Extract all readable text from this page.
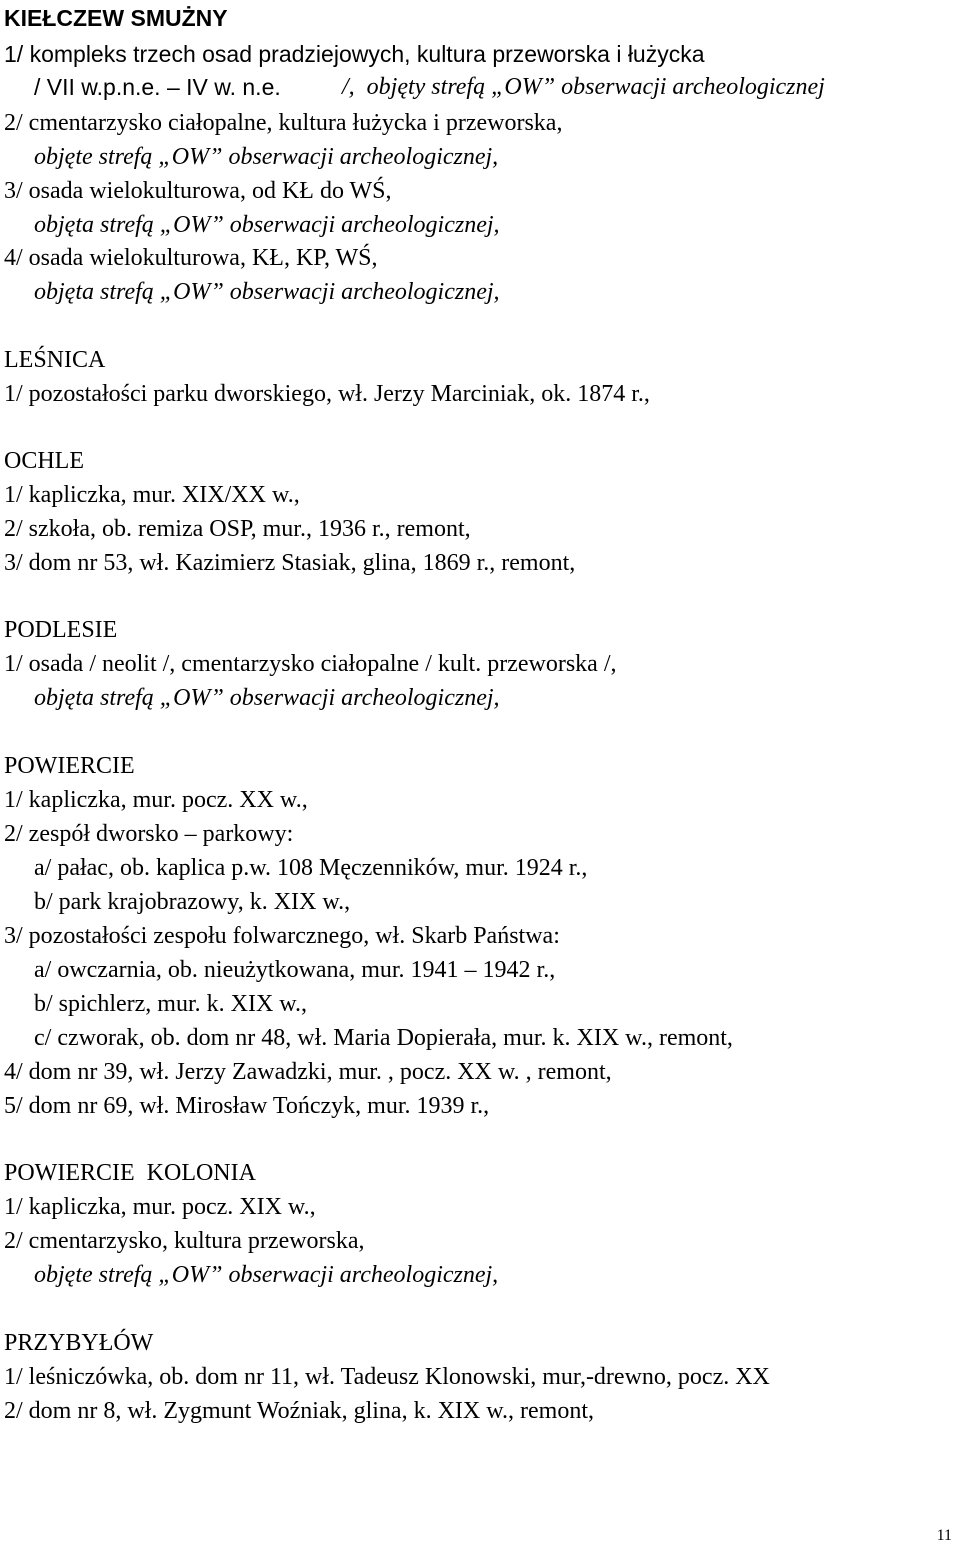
KIEŁCZEW SMUŻNY
1/ kompleks trzech osad pradziejowych, kultura przeworska i łużycka
/ VII w.p.n.e. – IV w. n.e. /,  objęty strefą „OW” obserwacji archeologicznej
2/ cmentarzysko ciałopalne, kultura łużycka i przeworska,
objęte strefą „OW” obserwacji archeologicznej,
3/ osada wielokulturowa, od KŁ do WŚ,
objęta strefą „OW” obserwacji archeologicznej,
4/ osada wielokulturowa, KŁ, KP, WŚ,
objęta strefą „OW” obserwacji archeologicznej,
LEŚNICA
1/ pozostałości parku dworskiego, wł. Jerzy Marciniak, ok. 1874 r.,
OCHLE
1/ kapliczka, mur. XIX/XX w.,
2/ szkoła, ob. remiza OSP, mur., 1936 r., remont,
3/ dom nr 53, wł. Kazimierz Stasiak, glina, 1869 r., remont,
PODLESIE
1/ osada / neolit /, cmentarzysko ciałopalne / kult. przeworska /,
objęta strefą „OW” obserwacji archeologicznej,
POWIERCIE
1/ kapliczka, mur. pocz. XX w.,
2/ zespół dworsko – parkowy:
a/ pałac, ob. kaplica p.w. 108 Męczenników, mur. 1924 r.,
b/ park krajobrazowy, k. XIX w.,
3/ pozostałości zespołu folwarcznego, wł. Skarb Państwa:
a/ owczarnia, ob. nieużytkowana, mur. 1941 – 1942 r.,
b/ spichlerz, mur. k. XIX w.,
c/ czworak, ob. dom nr 48, wł. Maria Dopierała, mur. k. XIX w., remont,
4/ dom nr 39, wł. Jerzy Zawadzki, mur. , pocz. XX w. , remont,
5/ dom nr 69, wł. Mirosław Tończyk, mur. 1939 r.,
POWIERCIE  KOLONIA
1/ kapliczka, mur. pocz. XIX w.,
2/ cmentarzysko, kultura przeworska,
objęte strefą „OW” obserwacji archeologicznej,
PRZYBYŁÓW
1/ leśniczówka, ob. dom nr 11, wł. Tadeusz Klonowski, mur,-drewno, pocz. XX
2/ dom nr 8, wł. Zygmunt Woźniak, glina, k. XIX w., remont,
11
